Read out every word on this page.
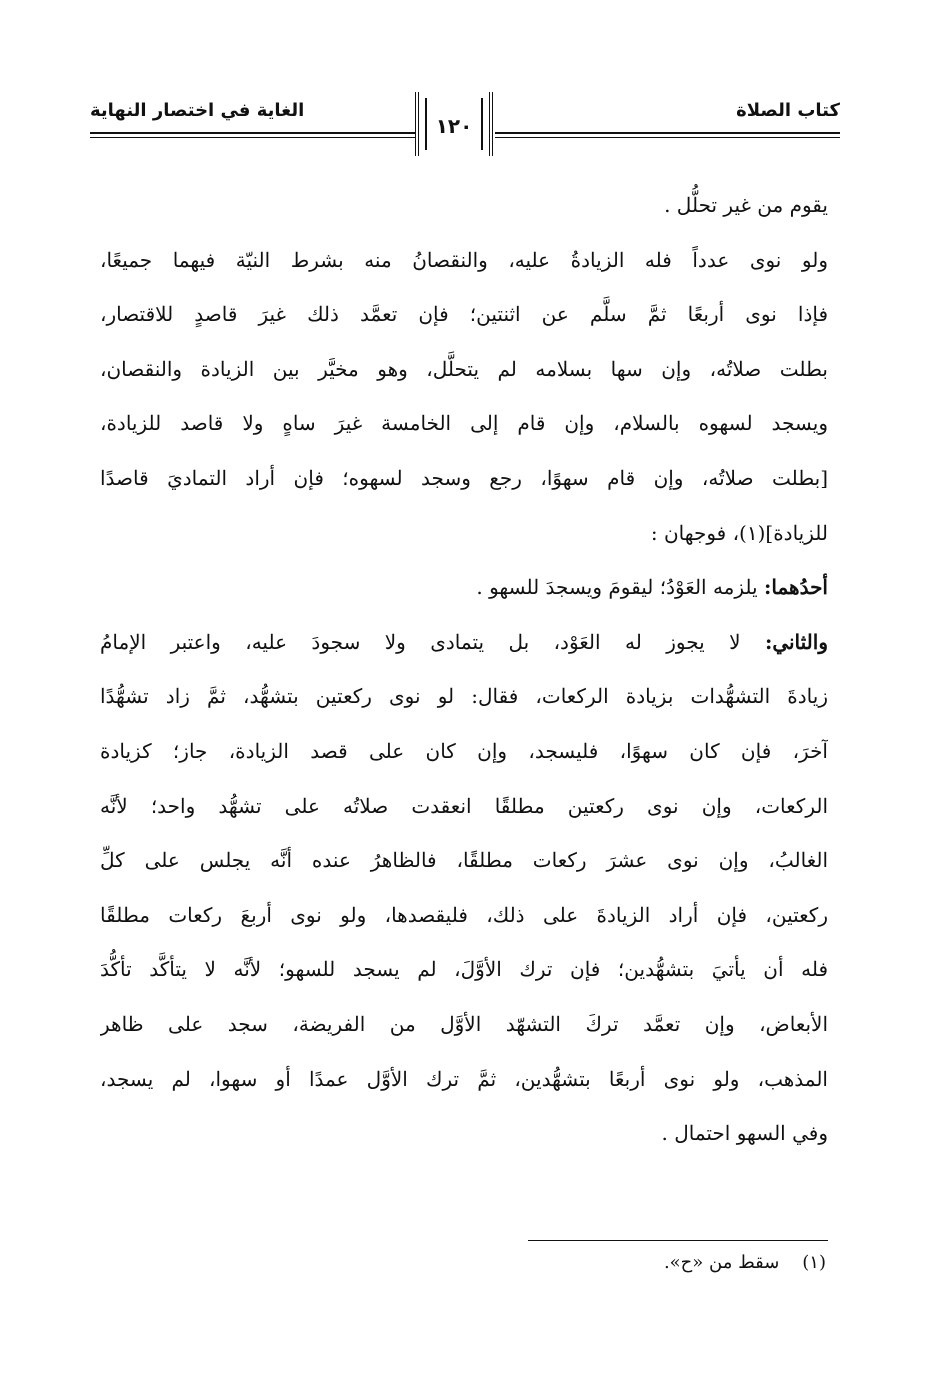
كتاب الصلاة
الغاية في اختصار النهاية
١٢٠
يقوم من غير تحلُّل .
ولو نوى عدداً فله الزيادةُ عليه، والنقصانُ منه بشرط النيّة فيهما جميعًا،
فإذا نوى أربعًا ثمَّ سلَّم عن اثنتين؛ فإن تعمَّد ذلك غيرَ قاصدٍ للاقتصار،
بطلت صلاتُه، وإن سها بسلامه لم يتحلَّل، وهو مخيَّر بين الزيادة والنقصان،
ويسجد لسهوه بالسلام، وإن قام إلى الخامسة غيرَ ساهٍ ولا قاصد للزيادة،
[بطلت صلاتُه، وإن قام سهوًا، رجع وسجد لسهوه؛ فإن أراد التماديَ قاصدًا
للزيادة](١)، فوجهان :
أحدُهما: يلزمه العَوْدُ؛ ليقومَ ويسجدَ للسهو .
والثاني: لا يجوز له العَوْد، بل يتمادى ولا سجودَ عليه، واعتبر الإمامُ
زيادةَ التشهُّدات بزيادة الركعات، فقال: لو نوى ركعتين بتشهُّد، ثمَّ زاد تشهُّدًا
آخرَ، فإن كان سهوًا، فليسجد، وإن كان على قصد الزيادة، جاز؛ كزيادة
الركعات، وإن نوى ركعتين مطلقًا انعقدت صلاتُه على تشهُّد واحد؛ لأنَّه
الغالبُ، وإن نوى عشرَ ركعات مطلقًا، فالظاهرُ عنده أنَّه يجلس على كلِّ
ركعتين، فإن أراد الزيادةَ على ذلك، فليقصدها، ولو نوى أربعَ ركعات مطلقًا
فله أن يأتيَ بتشهُّدين؛ فإن ترك الأوَّلَ، لم يسجد للسهو؛ لأنَّه لا يتأكَّد تأكُّدَ
الأبعاض، وإن تعمَّد تركَ التشهّد الأوَّل من الفريضة، سجد على ظاهر
المذهب، ولو نوى أربعًا بتشهُّدين، ثمَّ ترك الأوَّل عمدًا أو سهوا، لم يسجد،
وفي السهو احتمال .
(١)    سقط من «ح».
